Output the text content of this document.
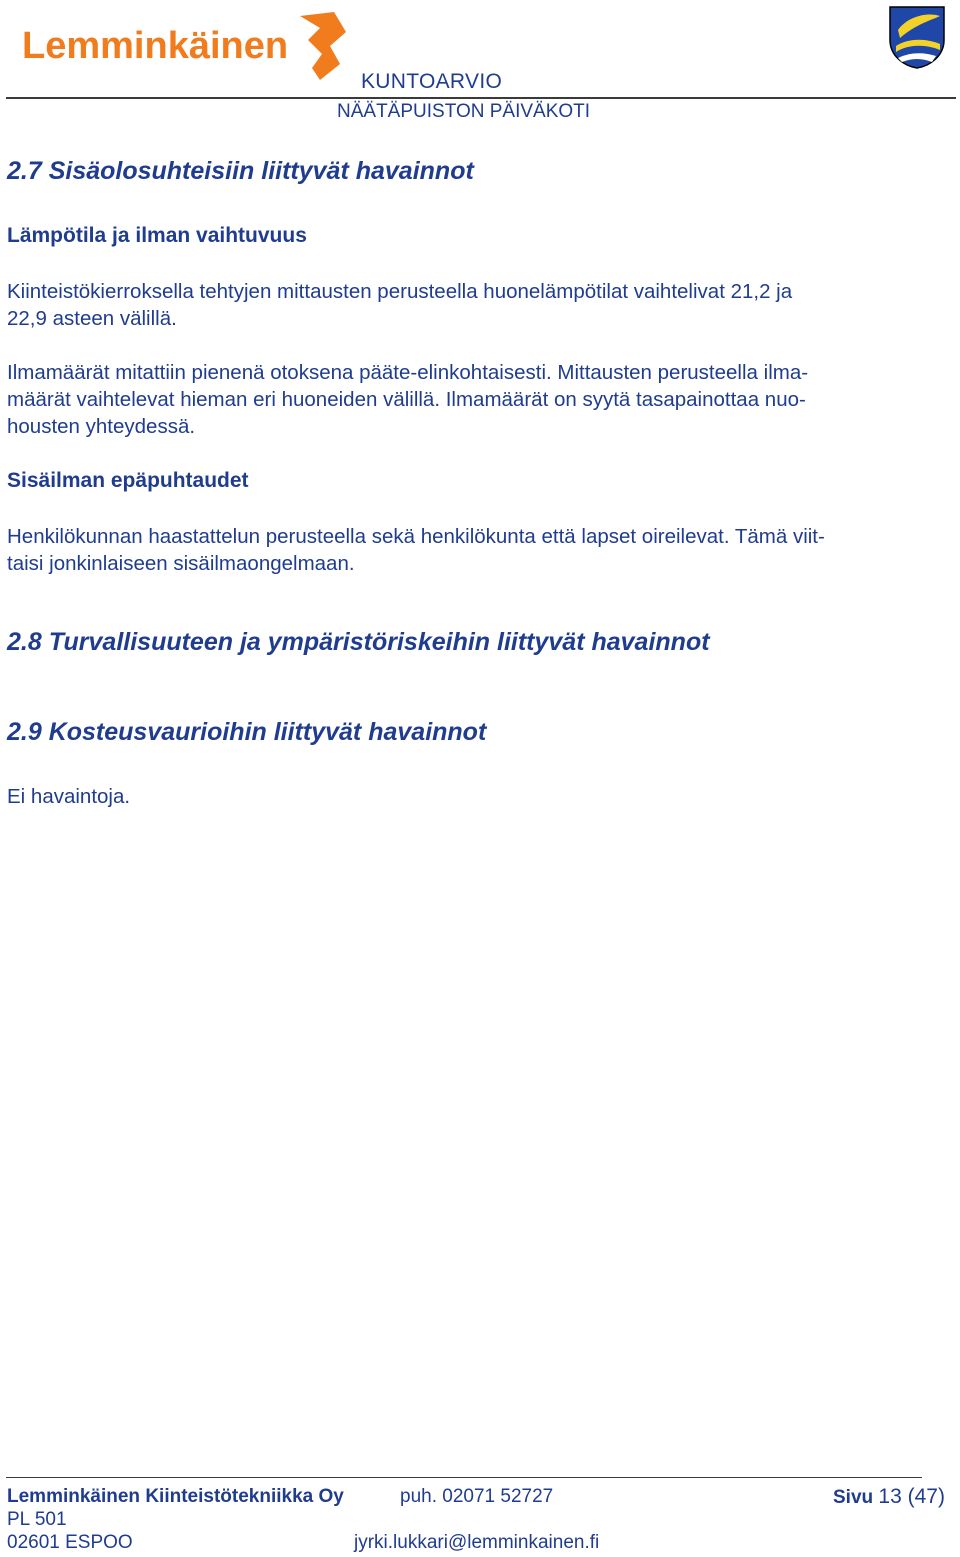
Lemminkäinen
KUNTOARVIO
NÄÄTÄPUISTON PÄIVÄKOTI
2.7 Sisäolosuhteisiin liittyvät havainnot
Lämpötila ja ilman vaihtuvuus

Kiinteistökierroksella tehtyjen mittausten perusteella huonelämpötilat vaihtelivat 21,2 ja
22,9 asteen välillä.

Ilmamäärät mitattiin pienenä otoksena pääte-elinkohtaisesti. Mittausten perusteella ilma-
määrät vaihtelevat hieman eri huoneiden välillä. Ilmamäärät on syytä tasapainottaa nuo-
housten yhteydessä.

Sisäilman epäpuhtaudet

Henkilökunnan haastattelun perusteella sekä henkilökunta että lapset oireilevat. Tämä viit-
taisi jonkinlaiseen sisäilmaongelmaan.

2.8 Turvallisuuteen ja ympäristöriskeihin liittyvät havainnot
2.9 Kosteusvaurioihin liittyvät havainnot

Ei havaintoja.

Lemminkäinen Kiinteistötekniikka Oy	puh. 02071 52727	Sivu 13 (47)
PL 501
02601 ESPOO	jyrki.lukkari@lemminkainen.fi
